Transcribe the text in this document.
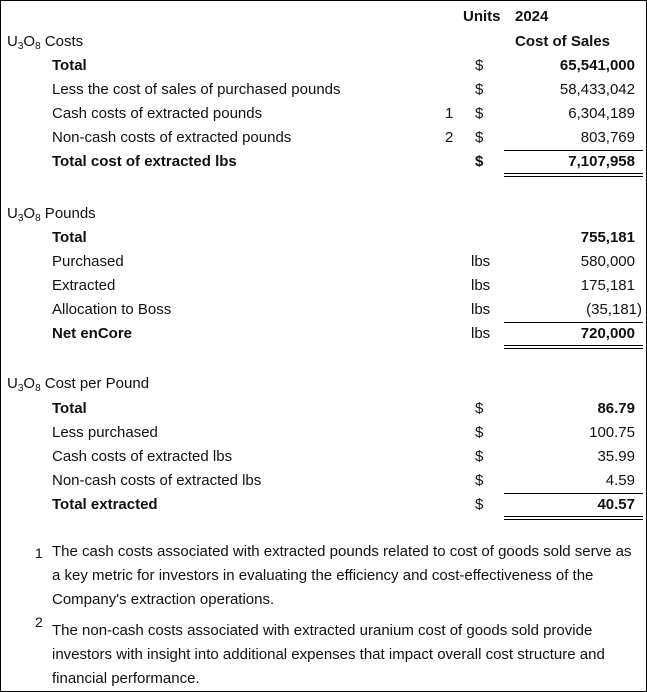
Units 2024
Cost of Sales
$U_3O_8$ Costs
Total	$	65,541,000
Less the cost of sales of purchased pounds	$	58,433,042
Cash costs of extracted pounds	1 $	6,304,189
Non-cash costs of extracted pounds	2 $	803,769
Total cost of extracted lbs	$	7,107,958
$U_3O_8$ Pounds
Total	755,181
Purchased	lbs	580,000
Extracted	lbs	175,181
Allocation to Boss	lbs	(35,181)
Net enCore	lbs	720,000
$U_3O_8$ Cost per Pound
Total	$	86.79
Less purchased	$	100.75
Cash costs of extracted lbs	$	35.99
Non-cash costs of extracted lbs	$	4.59
Total extracted	$	40.57
1 The cash costs associated with extracted pounds related to cost of goods sold serve as a key metric for investors in evaluating the efficiency and cost-effectiveness of the Company's extraction operations.
2 The non-cash costs associated with extracted uranium cost of goods sold provide investors with insight into additional expenses that impact overall cost structure and financial performance.
